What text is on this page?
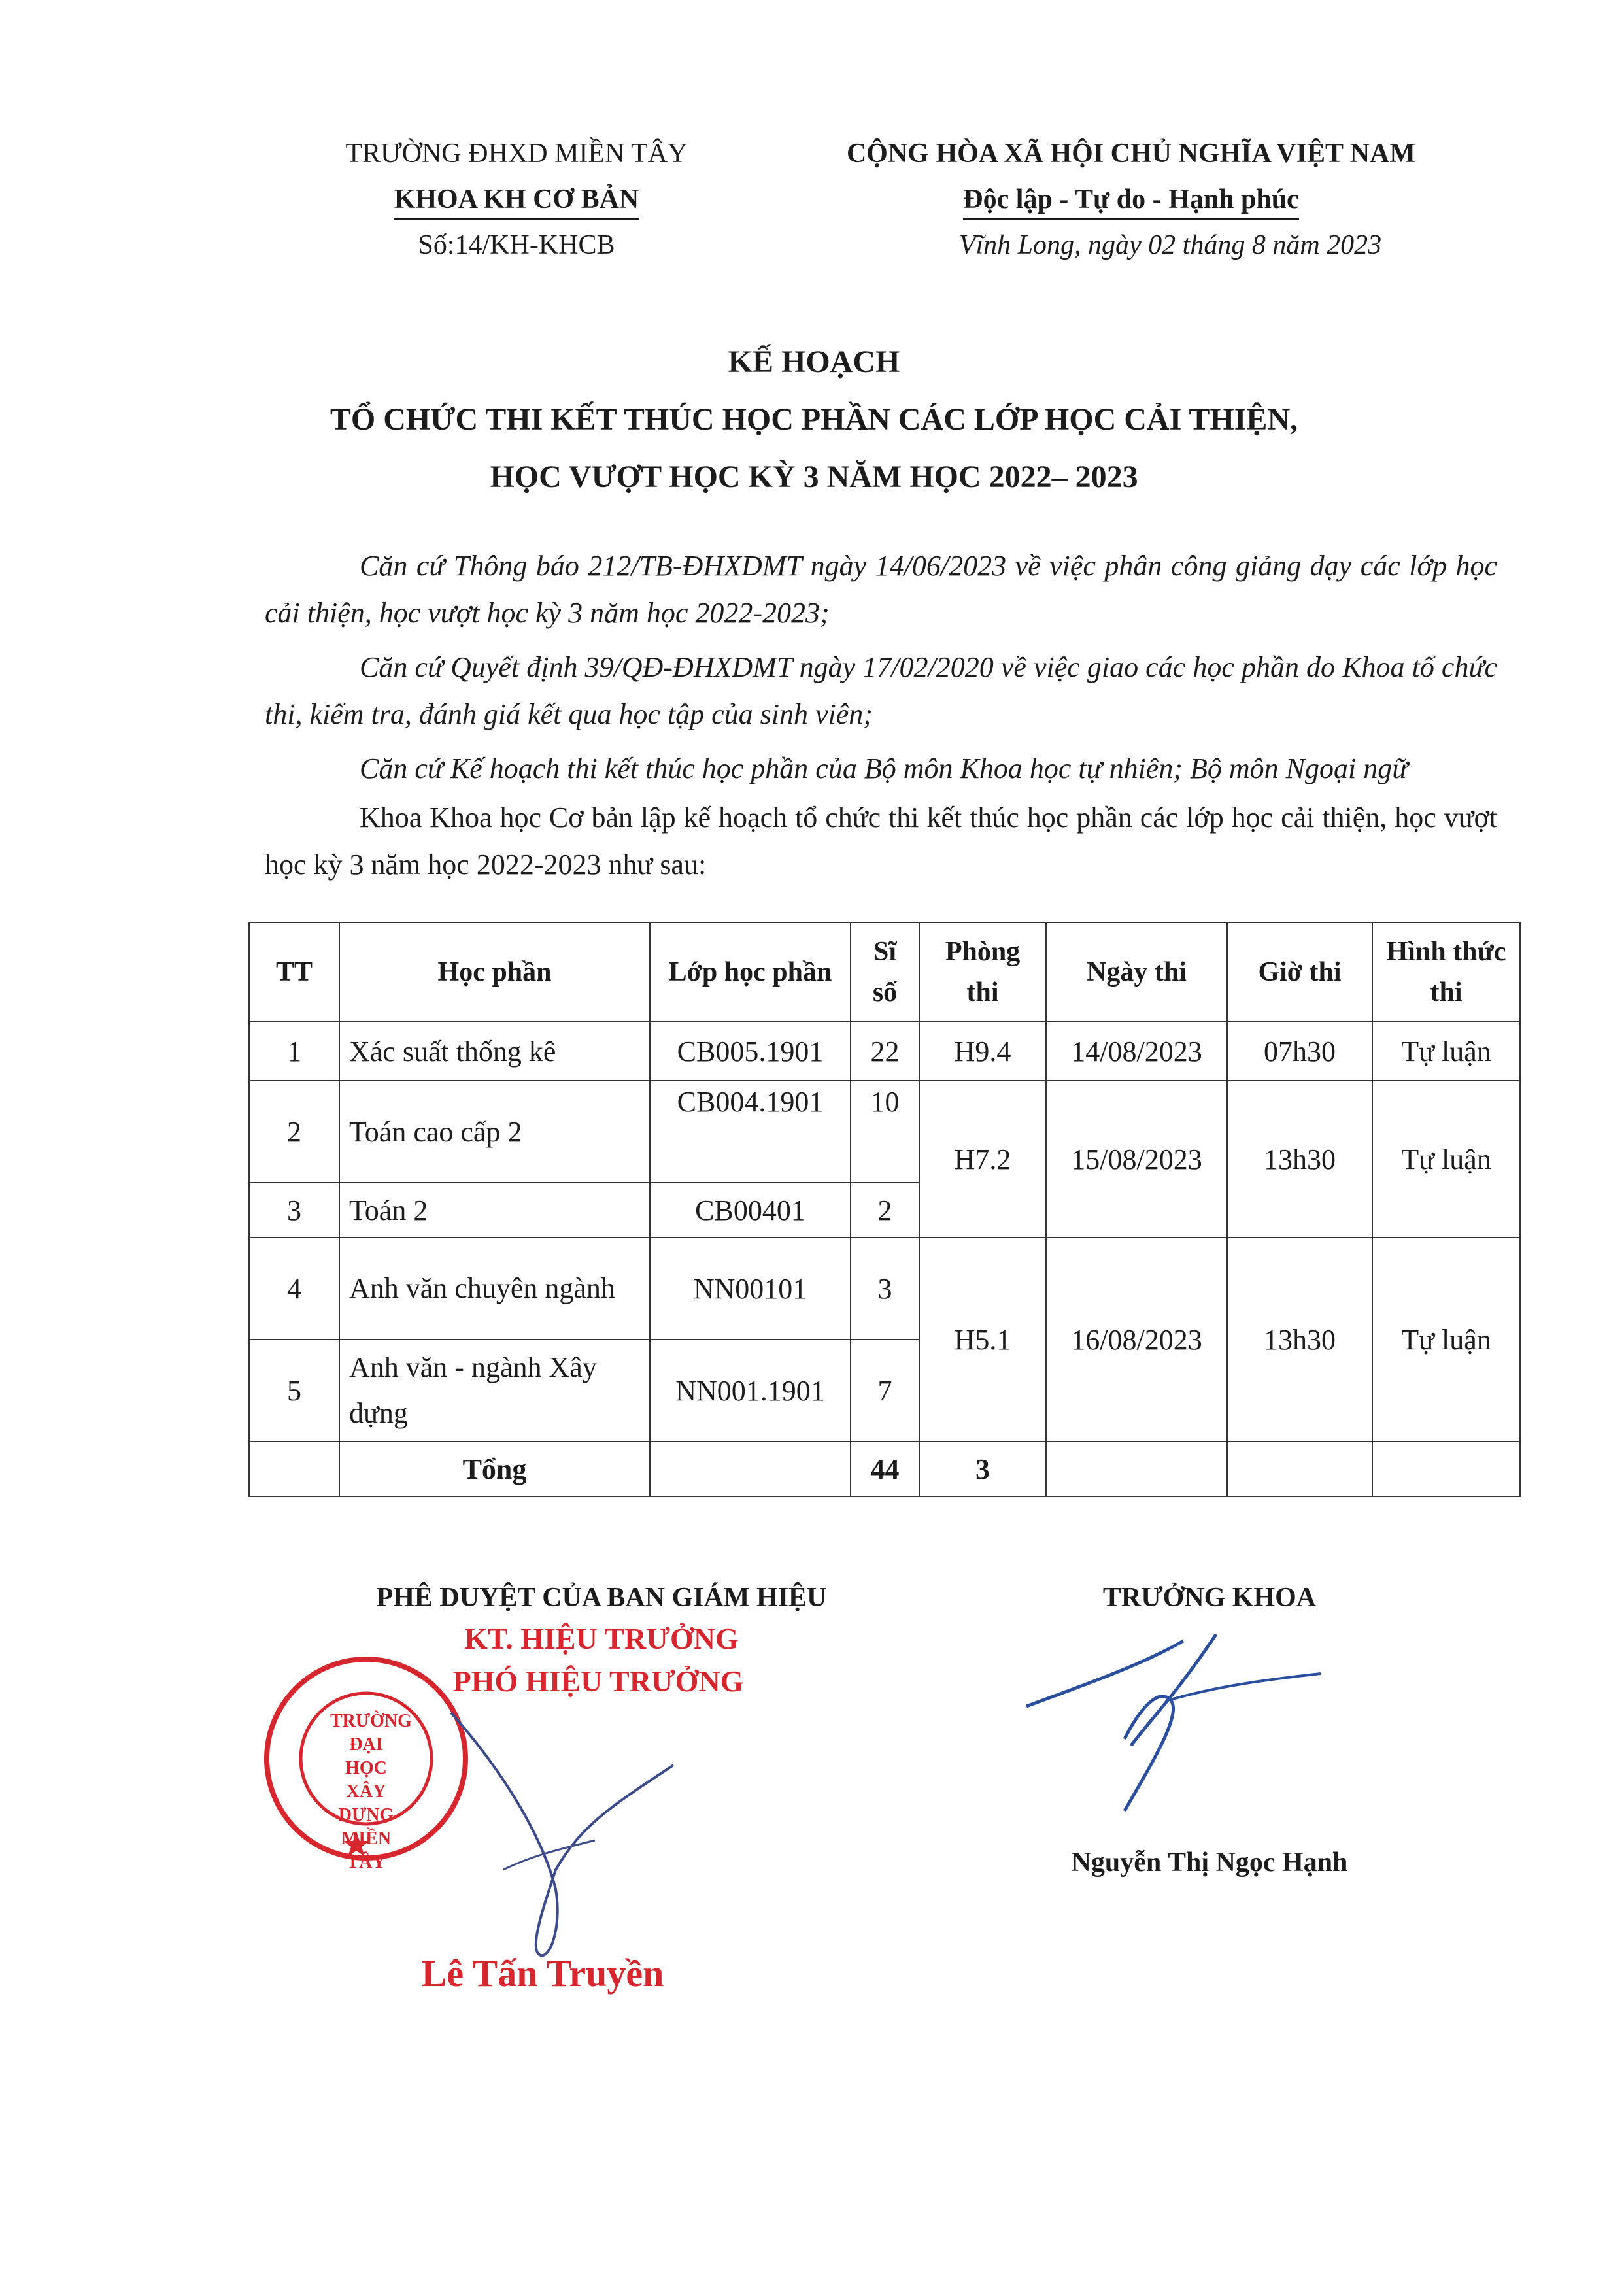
TRƯỜNG ĐHXD MIỀN TÂY
KHOA KH CƠ BẢN
Số:14/KH-KHCB
CỘNG HÒA XÃ HỘI CHỦ NGHĨA VIỆT NAM
Độc lập - Tự do - Hạnh phúc
Vĩnh Long, ngày 02 tháng 8 năm 2023
KẾ HOẠCH
TỔ CHỨC THI KẾT THÚC HỌC PHẦN CÁC LỚP HỌC CẢI THIỆN,
HỌC VƯỢT HỌC KỲ 3 NĂM HỌC 2022– 2023
Căn cứ Thông báo 212/TB-ĐHXDMT ngày 14/06/2023 về việc phân công giảng dạy các lớp học cải thiện, học vượt học kỳ 3 năm học 2022-2023;
Căn cứ Quyết định 39/QĐ-ĐHXDMT ngày 17/02/2020 về việc giao các học phần do Khoa tổ chức thi, kiểm tra, đánh giá kết qua học tập của sinh viên;
Căn cứ Kế hoạch thi kết thúc học phần của Bộ môn Khoa học tự nhiên; Bộ môn Ngoại ngữ
Khoa Khoa học Cơ bản lập kế hoạch tổ chức thi kết thúc học phần các lớp học cải thiện, học vượt học kỳ 3 năm học 2022-2023 như sau:
TT	Học phần	Lớp học phần	Sĩ số	Phòng thi	Ngày thi	Giờ thi	Hình thức thi
1	Xác suất thống kê	CB005.1901	22	H9.4	14/08/2023	07h30	Tự luận
2	Toán cao cấp 2	CB004.1901	10	H7.2	15/08/2023	13h30	Tự luận
3	Toán 2	CB00401	2				
4	Anh văn chuyên ngành	NN00101	3	H5.1	16/08/2023	13h30	Tự luận
5	Anh văn - ngành Xây dựng	NN001.1901	7				
	Tổng		44	3			
PHÊ DUYỆT CỦA BAN GIÁM HIỆU
KT. HIỆU TRƯỞNG
PHÓ HIỆU TRƯỞNG
TRƯỜNG ĐẠI HỌC XÂY DỰNG MIỀN TÂY
Lê Tấn Truyền
TRƯỞNG KHOA
Nguyễn Thị Ngọc Hạnh
